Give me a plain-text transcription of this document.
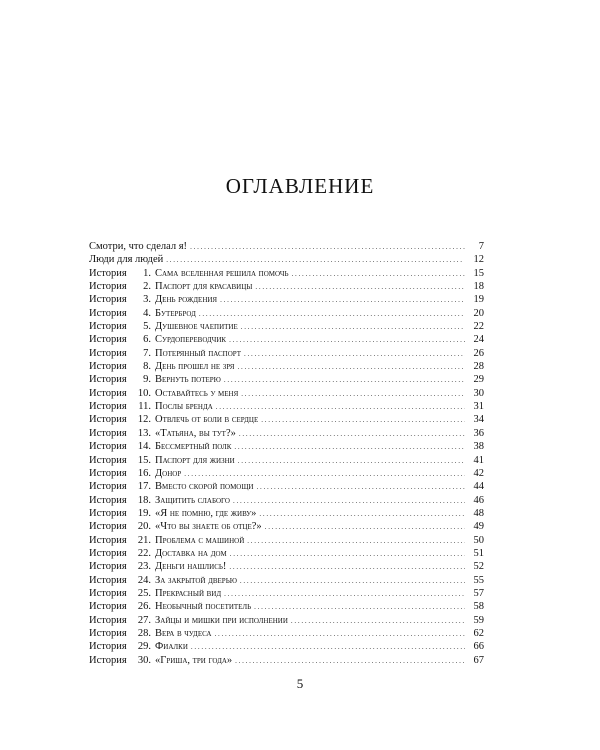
оглавление
Смотри, что сделал я! . . .	7
Люди для людей . . .	12
История	1. Сама вселенная решила помочь . . .	15
История	2. Паспорт для красавицы . . .	18
История	3. День рождения . . .	19
История	4. Бутерброд . . .	20
История	5. Душевное чаепитие . . .	22
История	6. Сурдопереводчик . . .	24
История	7. Потерянный паспорт . . .	26
История	8. День прошел не зря . . .	28
История	9. Вернуть потерю . . .	29
История	10. Оставайтесь у меня . . .	30
История	11. Послы бренда . . .	31
История	12. Отвлечь от боли в сердце . . .	34
История	13. «Татьяна, вы тут?» . . .	36
История	14. Бессмертный полк . . .	38
История	15. Паспорт для жизни . . .	41
История	16. Донор . . .	42
История	17. Вместо скорой помощи . . .	44
История	18. Защитить слабого . . .	46
История	19. «Я не помню, где живу» . . .	48
История	20. «Что вы знаете об отце?» . . .	49
История	21. Проблема с машиной . . .	50
История	22. Доставка на дом . . .	51
История	23. Деньги нашлись! . . .	52
История	24. За закрытой дверью . . .	55
История	25. Прекрасный вид . . .	57
История	26. Необычный посетитель . . .	58
История	27. Зайцы и мишки при исполнении . . .	59
История	28. Вера в чудеса . . .	62
История	29. Фиалки . . .	66
История	30. «Гриша, три года» . . .	67
5
